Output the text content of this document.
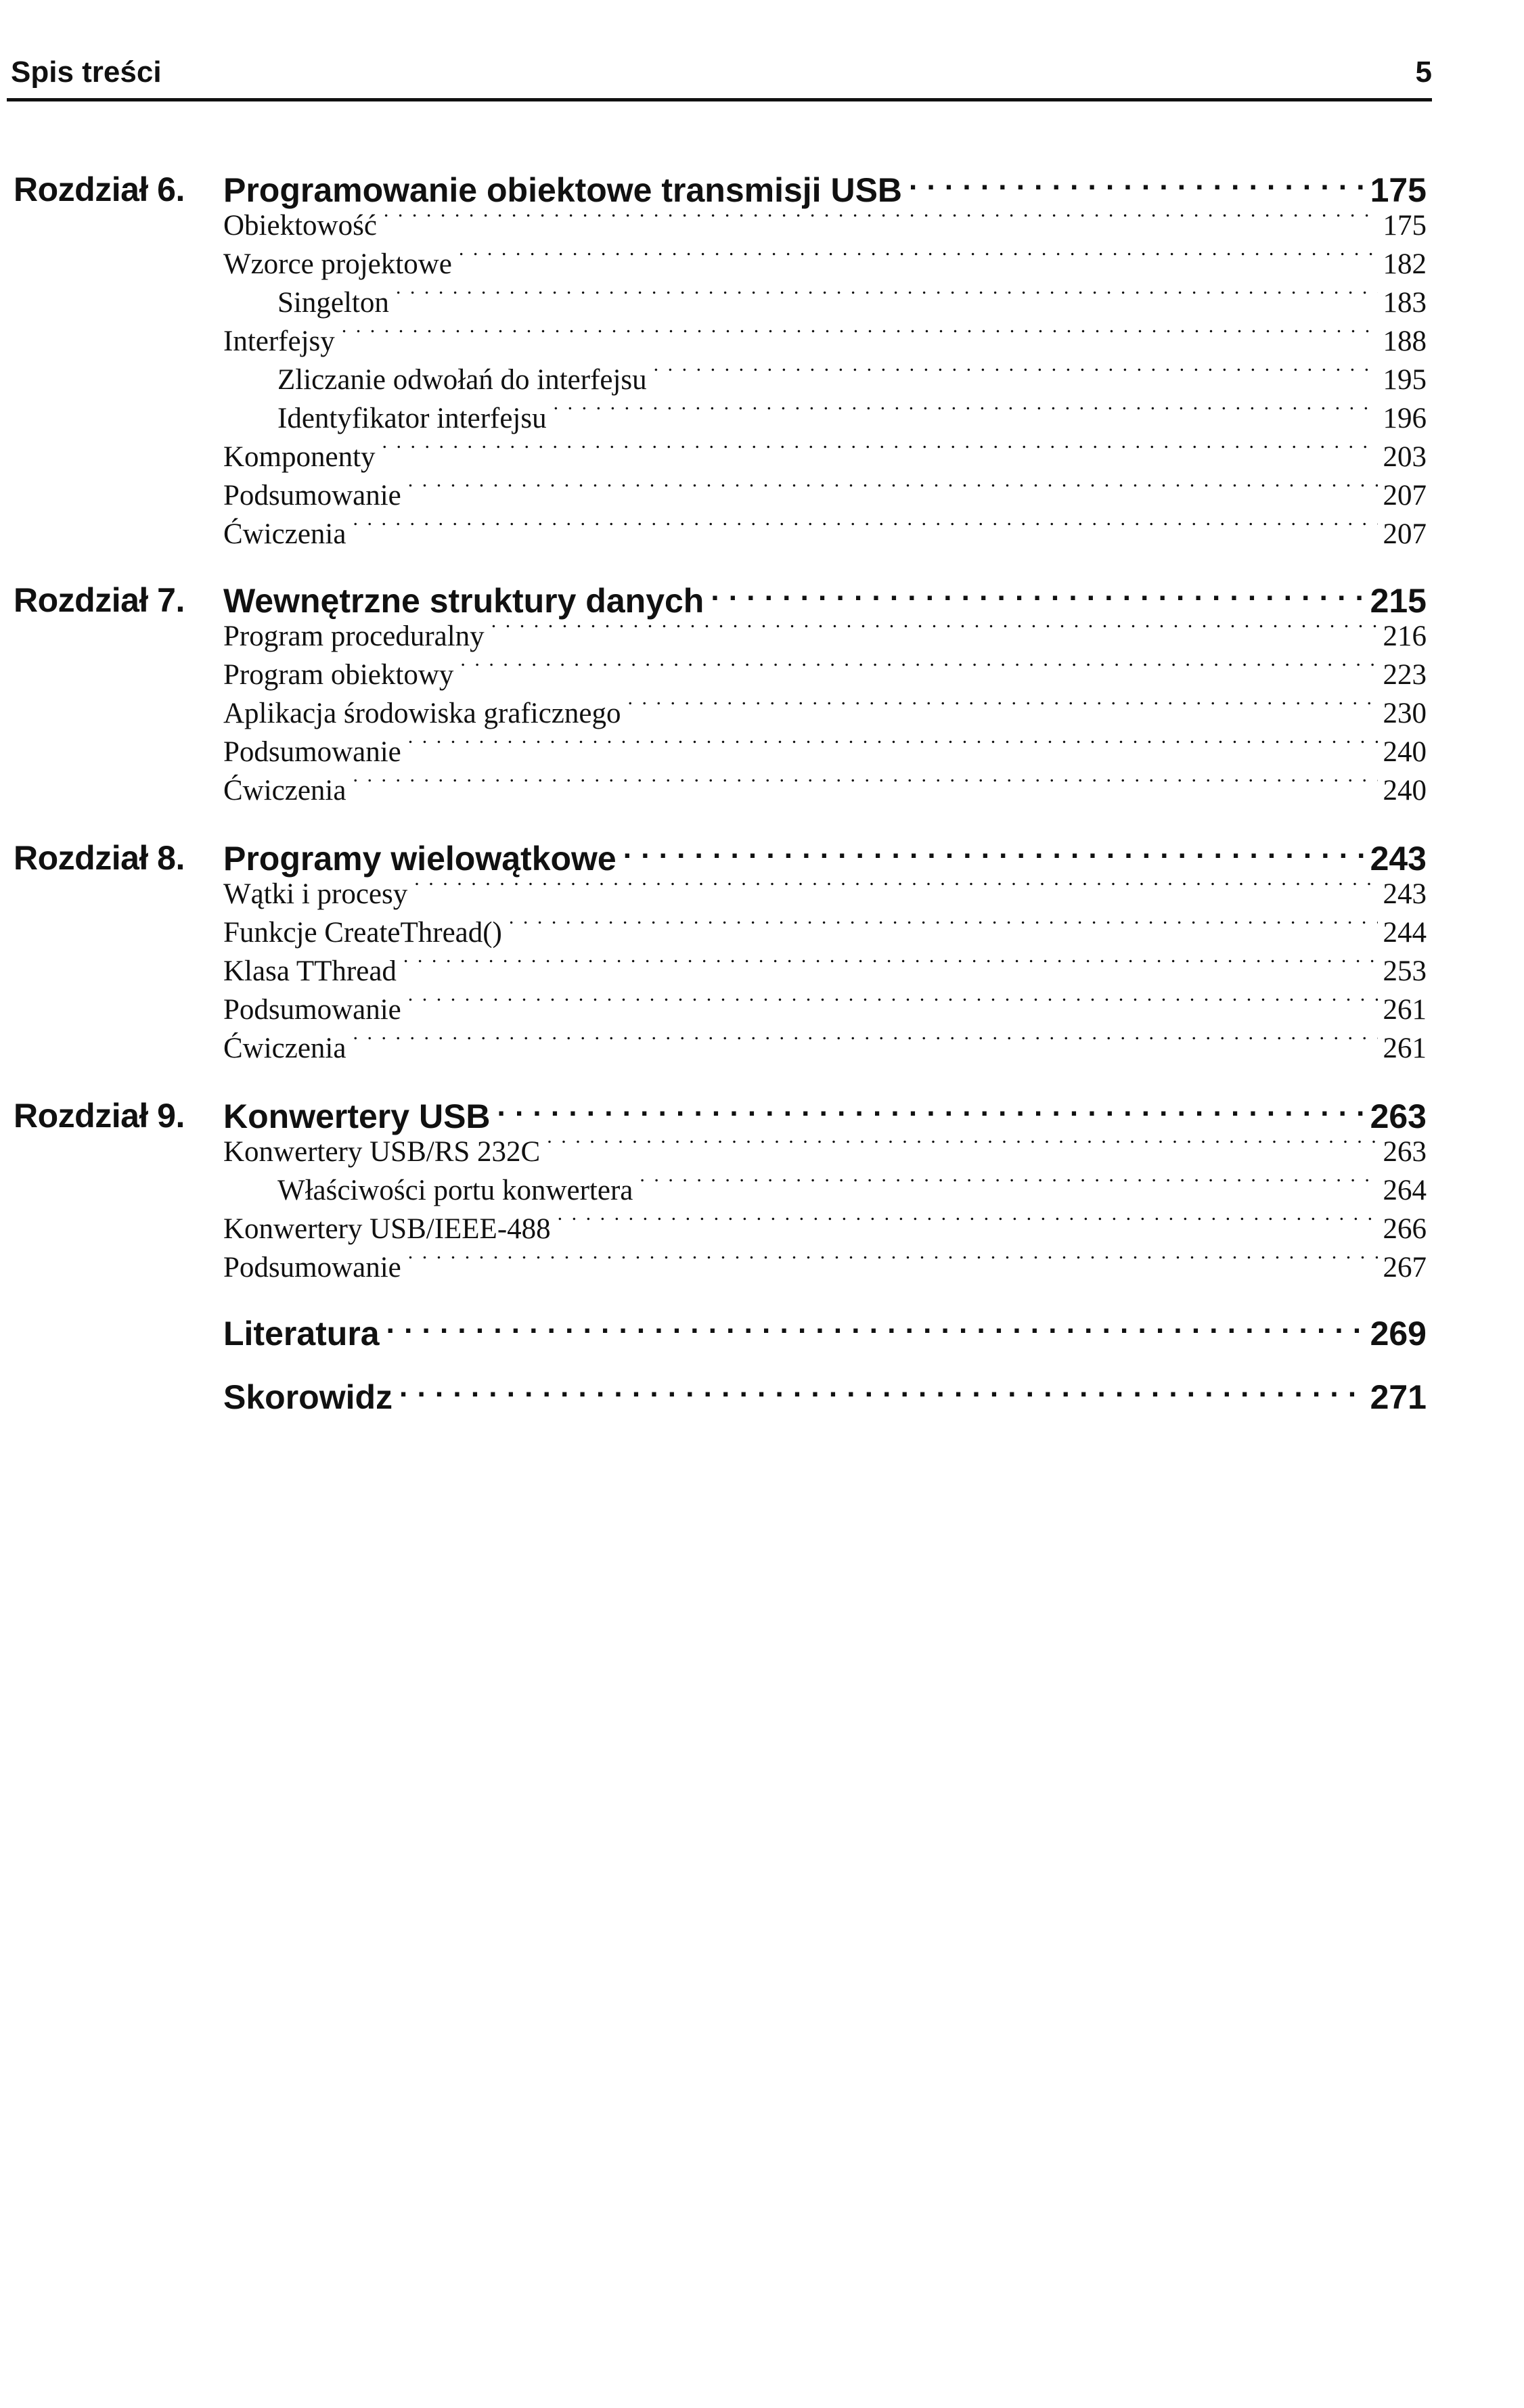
Spis treści	5
Rozdział 6. Programowanie obiektowe transmisji USB . . .	175
Obiektowość . . .	175
Wzorce projektowe . . .	182
Singelton . . .	183
Interfejsy . . .	188
Zliczanie odwołań do interfejsu . . .	195
Identyfikator interfejsu . . .	196
Komponenty . . .	203
Podsumowanie . . .	207
Ćwiczenia . . .	207
Rozdział 7. Wewnętrzne struktury danych . . .	215
Program proceduralny . . .	216
Program obiektowy . . .	223
Aplikacja środowiska graficznego . . .	230
Podsumowanie . . .	240
Ćwiczenia . . .	240
Rozdział 8. Programy wielowątkowe . . .	243
Wątki i procesy . . .	243
Funkcje CreateThread() . . .	244
Klasa TThread . . .	253
Podsumowanie . . .	261
Ćwiczenia . . .	261
Rozdział 9. Konwertery USB . . .	263
Konwertery USB/RS 232C . . .	263
Właściwości portu konwertera . . .	264
Konwertery USB/IEEE-488 . . .	266
Podsumowanie . . .	267
Literatura . . .	269
Skorowidz . . .	271
